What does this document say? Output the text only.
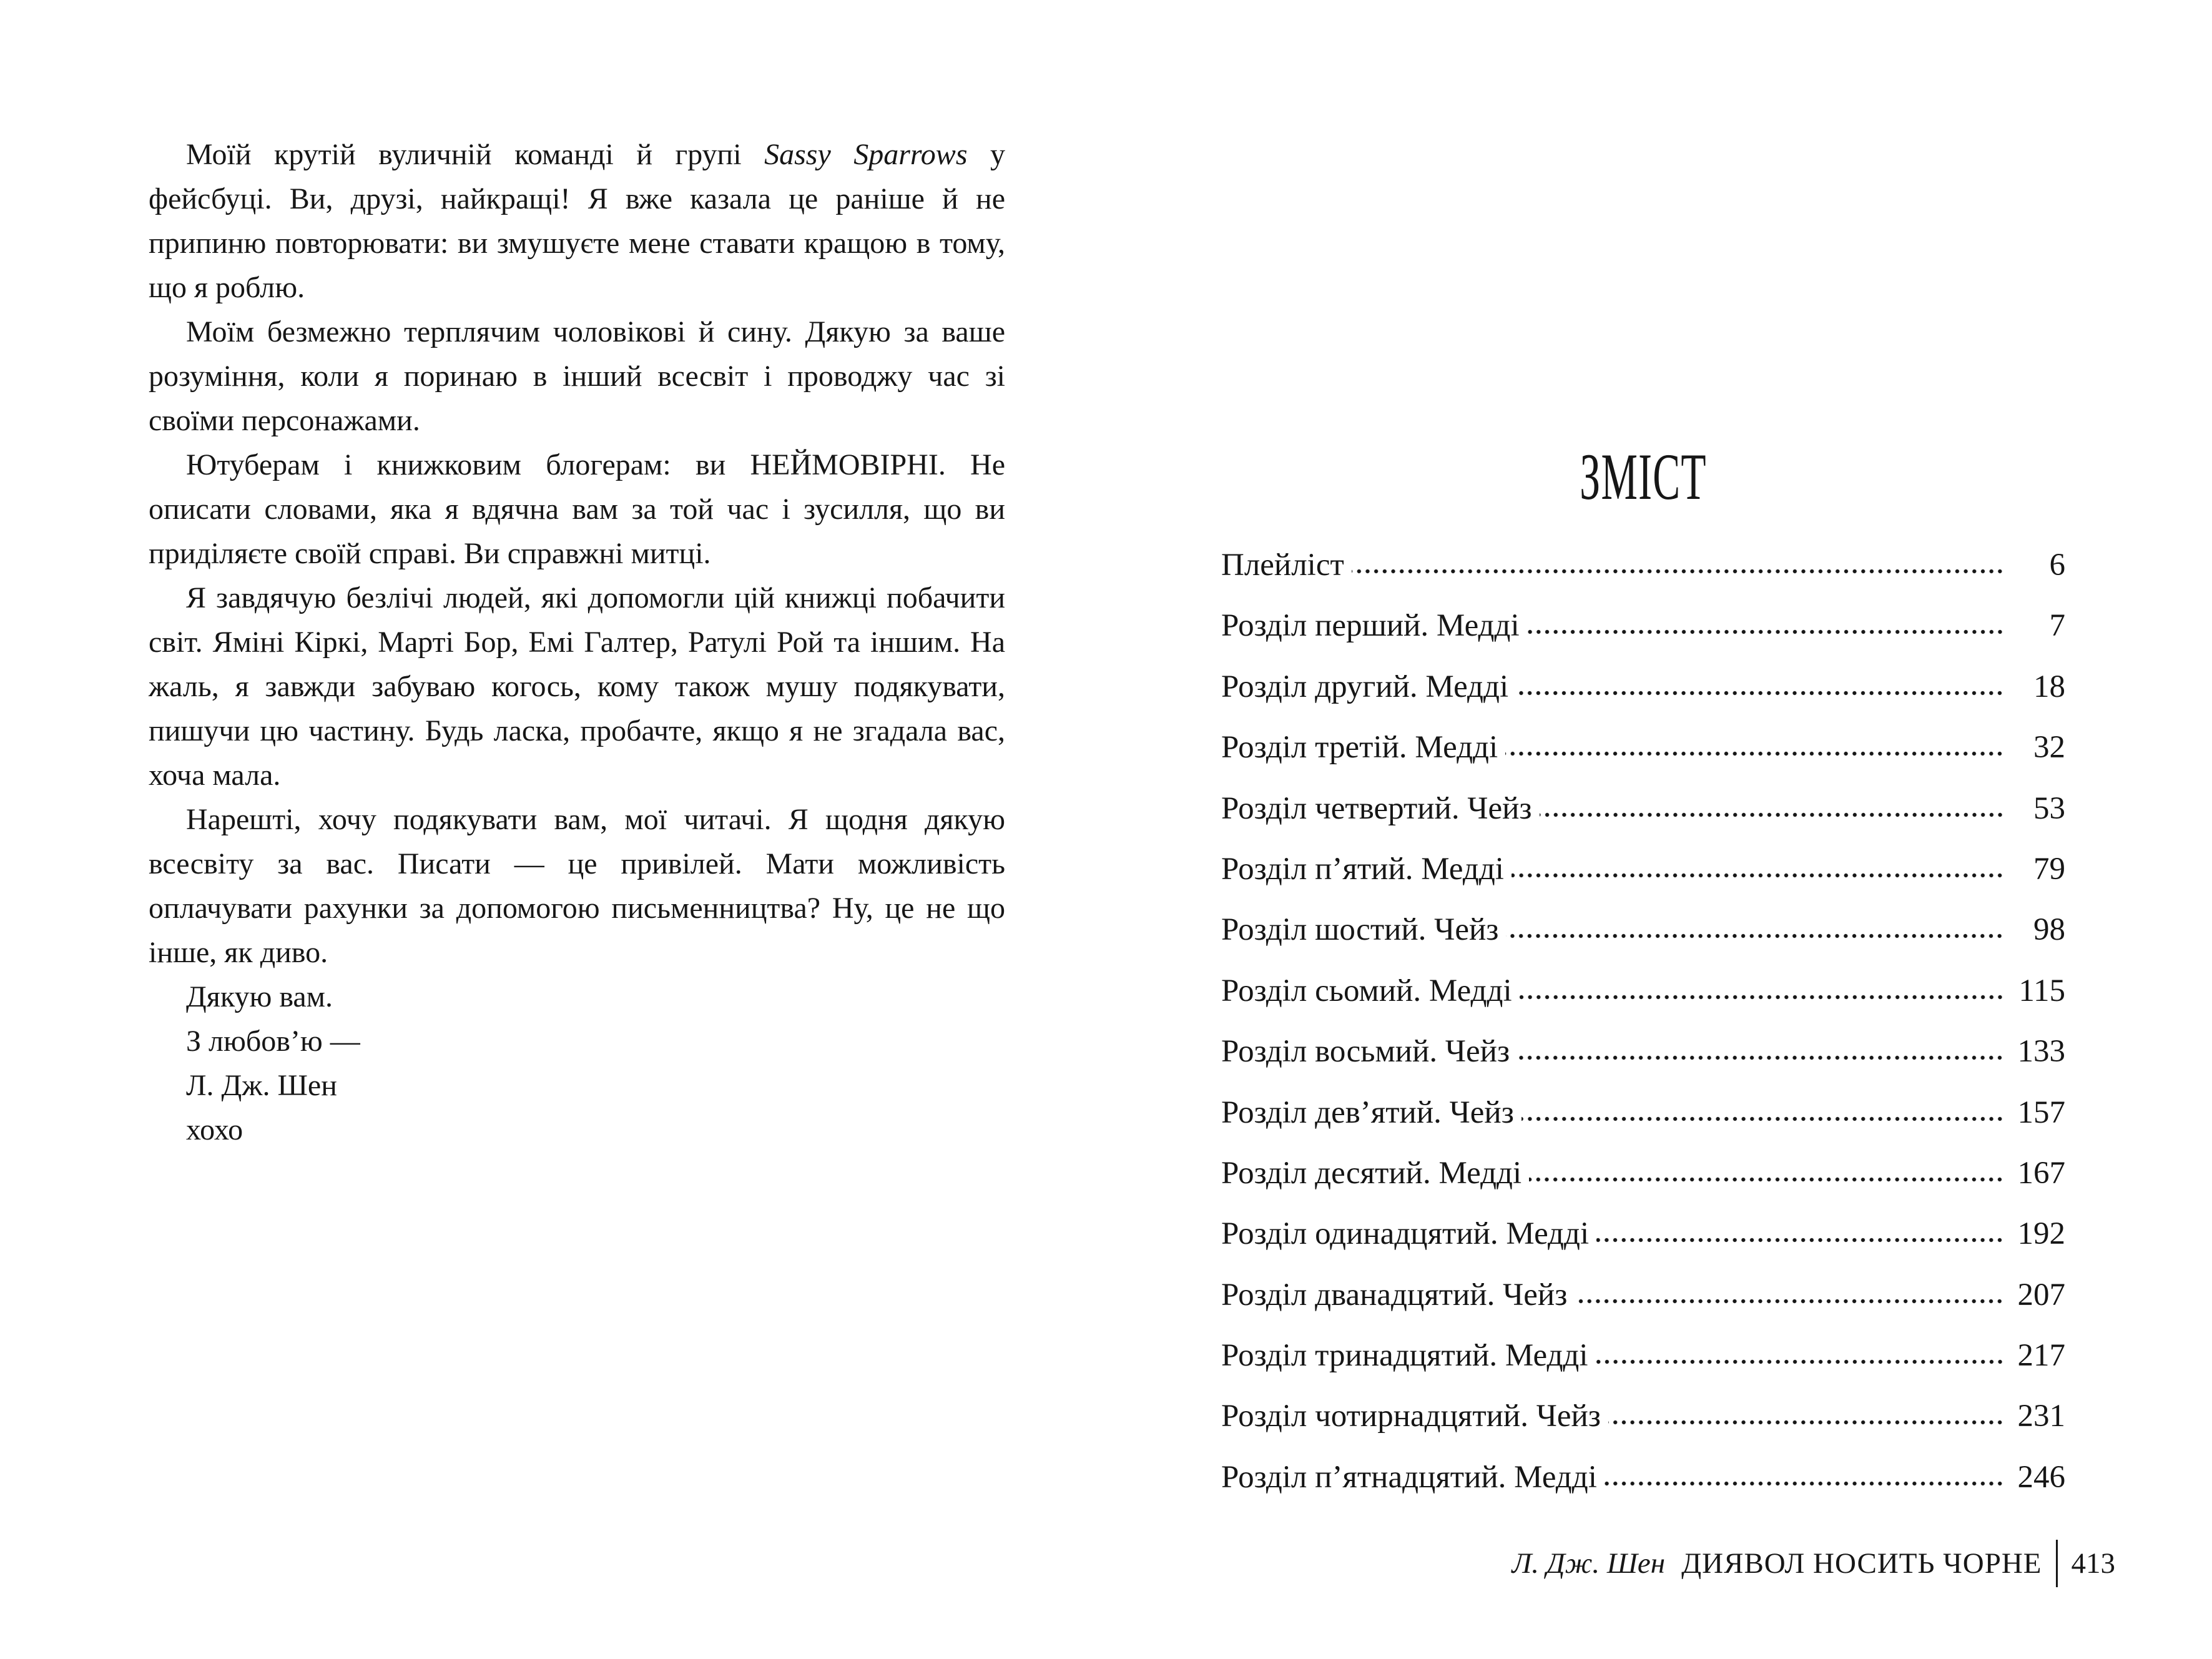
Моїй крутій вуличній команді й групі Sassy Sparrows у фейсбуці. Ви, друзі, найкращі! Я вже казала це раніше й не припиню повторювати: ви змушуєте мене ставати кращою в тому, що я роблю.

Моїм безмежно терплячим чоловікові й сину. Дякую за ваше розуміння, коли я поринаю в інший всесвіт і проводжу час зі своїми персонажами.

Ютуберам і книжковим блогерам: ви НЕЙМОВІРНІ. Не описати словами, яка я вдячна вам за той час і зусилля, що ви приділяєте своїй справі. Ви справжні митці.

Я завдячую безлічі людей, які допомогли цій книжці побачити світ. Яміні Кіркі, Марті Бор, Емі Галтер, Ратулі Рой та іншим. На жаль, я завжди забуваю когось, кому також мушу подякувати, пишучи цю частину. Будь ласка, пробачте, якщо я не згадала вас, хоча мала.

Нарешті, хочу подякувати вам, мої читачі. Я щодня дякую всесвіту за вас. Писати — це привілей. Мати можливість оплачувати рахунки за допомогою письменництва? Ну, це не що інше, як диво.

Дякую вам.

З любов’ю —

Л. Дж. Шен

хохо

ЗМІСТ
Плейліст	6
Розділ перший. Медді	7
Розділ другий. Медді	18
Розділ третій. Медді	32
Розділ четвертий. Чейз	53
Розділ п’ятий. Медді	79
Розділ шостий. Чейз	98
Розділ сьомий. Медді	115
Розділ восьмий. Чейз	133
Розділ дев’ятий. Чейз	157
Розділ десятий. Медді	167
Розділ одинадцятий. Медді	192
Розділ дванадцятий. Чейз	207
Розділ тринадцятий. Медді	217
Розділ чотирнадцятий. Чейз	231
Розділ п’ятнадцятий. Медді	246
Л. Дж. Шен ДИЯВОЛ НОСИТЬ ЧОРНЕ 413
